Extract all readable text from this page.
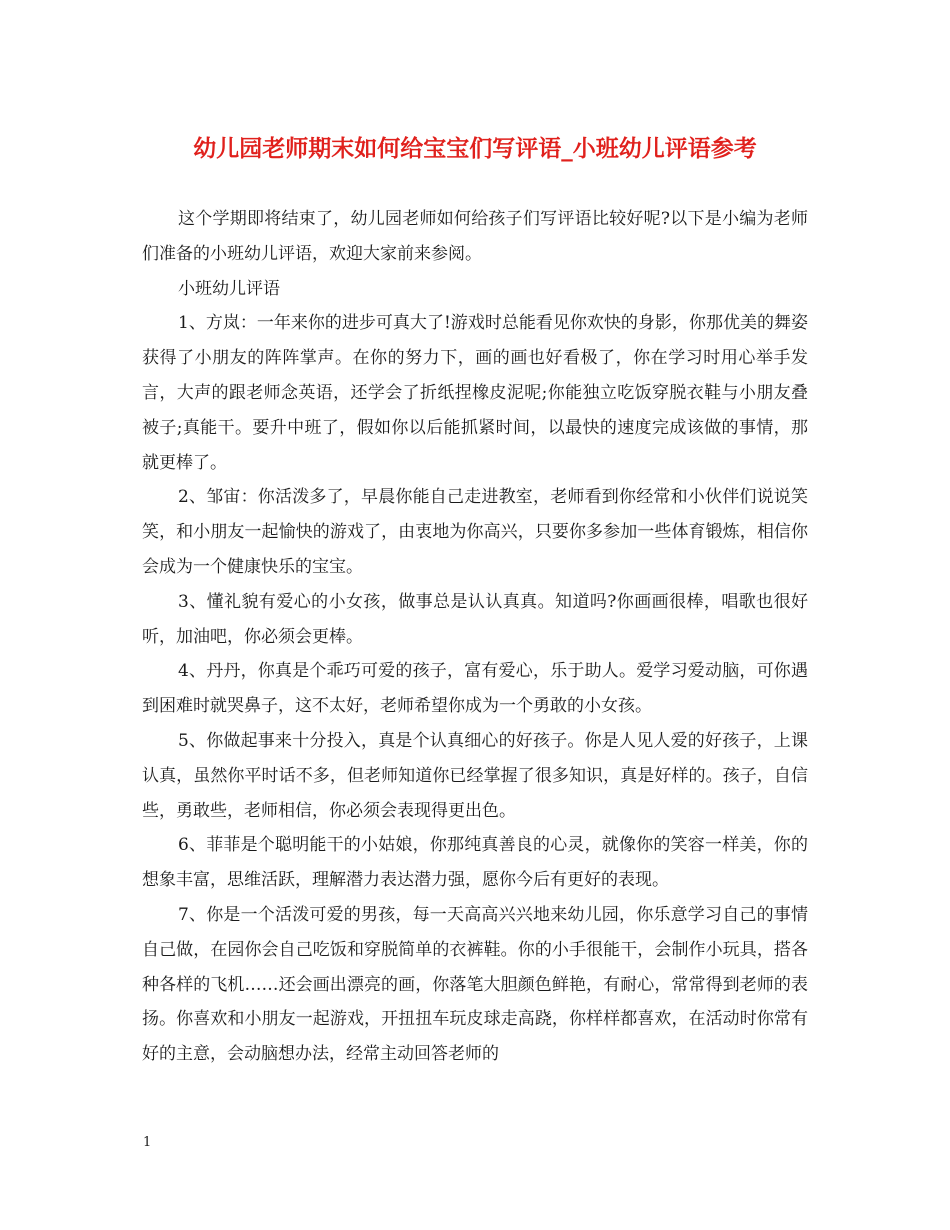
幼儿园老师期末如何给宝宝们写评语_小班幼儿评语参考

这个学期即将结束了，幼儿园老师如何给孩子们写评语比较好呢?以下是小编为老师们准备的小班幼儿评语，欢迎大家前来参阅。

小班幼儿评语

1、方岚：一年来你的进步可真大了!游戏时总能看见你欢快的身影，你那优美的舞姿获得了小朋友的阵阵掌声。在你的努力下，画的画也好看极了，你在学习时用心举手发言，大声的跟老师念英语，还学会了折纸捏橡皮泥呢;你能独立吃饭穿脱衣鞋与小朋友叠被子;真能干。要升中班了，假如你以后能抓紧时间，以最快的速度完成该做的事情，那就更棒了。

2、邹宙：你活泼多了，早晨你能自己走进教室，老师看到你经常和小伙伴们说说笑笑，和小朋友一起愉快的游戏了，由衷地为你高兴，只要你多参加一些体育锻炼，相信你会成为一个健康快乐的宝宝。

3、懂礼貌有爱心的小女孩，做事总是认认真真。知道吗?你画画很棒，唱歌也很好听，加油吧，你必须会更棒。

4、丹丹，你真是个乖巧可爱的孩子，富有爱心，乐于助人。爱学习爱动脑，可你遇到困难时就哭鼻子，这不太好，老师希望你成为一个勇敢的小女孩。

5、你做起事来十分投入，真是个认真细心的好孩子。你是人见人爱的好孩子，上课认真，虽然你平时话不多，但老师知道你已经掌握了很多知识，真是好样的。孩子，自信些，勇敢些，老师相信，你必须会表现得更出色。

6、菲菲是个聪明能干的小姑娘，你那纯真善良的心灵，就像你的笑容一样美，你的想象丰富，思维活跃，理解潜力表达潜力强，愿你今后有更好的表现。

7、你是一个活泼可爱的男孩，每一天高高兴兴地来幼儿园，你乐意学习自己的事情自己做，在园你会自己吃饭和穿脱简单的衣裤鞋。你的小手很能干，会制作小玩具，搭各种各样的飞机……还会画出漂亮的画，你落笔大胆颜色鲜艳，有耐心，常常得到老师的表扬。你喜欢和小朋友一起游戏，开扭扭车玩皮球走高跷，你样样都喜欢，在活动时你常有好的主意，会动脑想办法，经常主动回答老师的

1
